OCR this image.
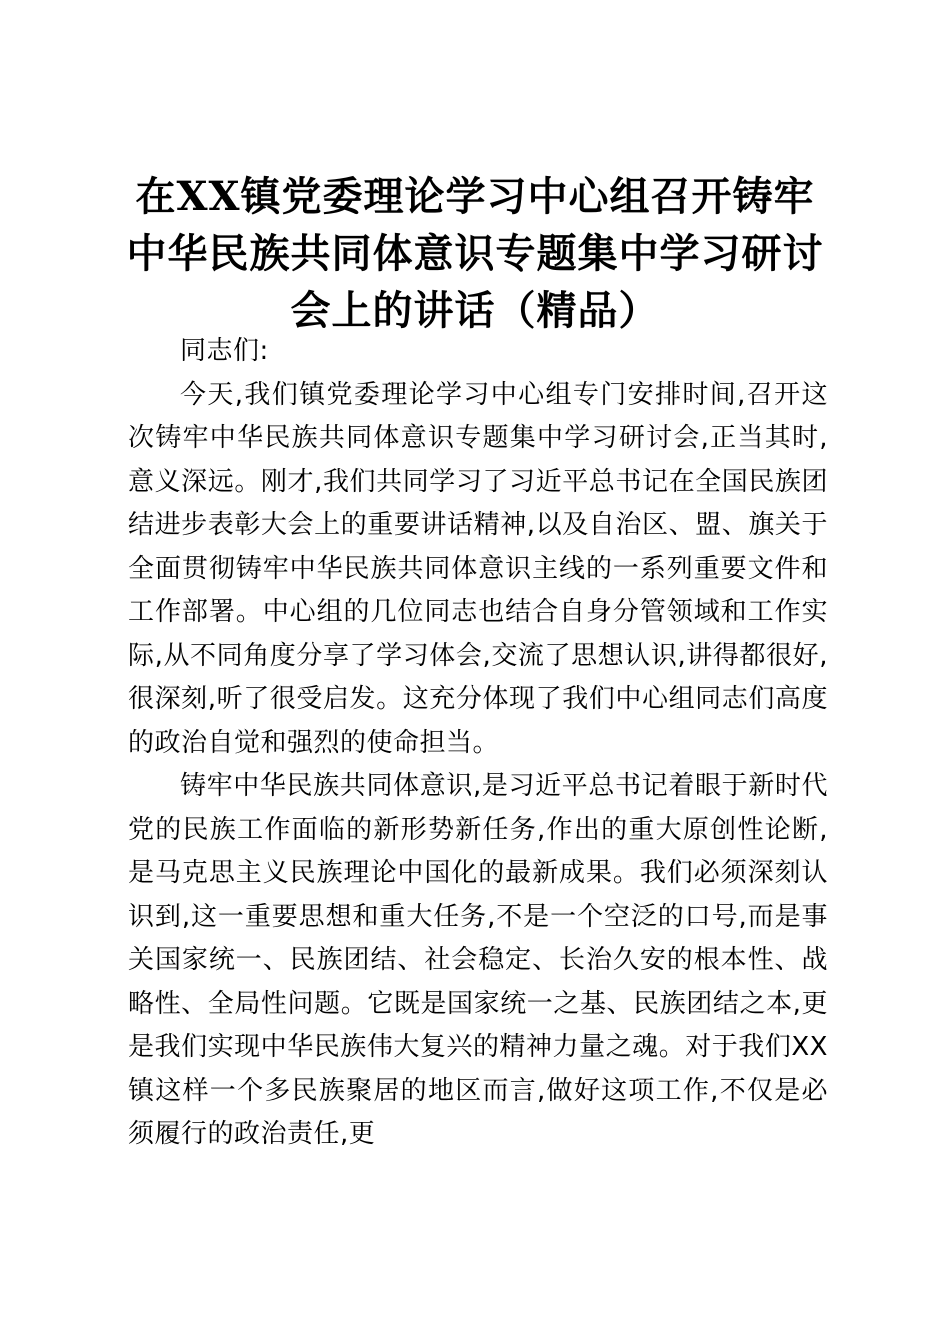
在XX镇党委理论学习中心组召开铸牢中华民族共同体意识专题集中学习研讨会上的讲话（精品）

同志们:

今天,我们镇党委理论学习中心组专门安排时间,召开这次铸牢中华民族共同体意识专题集中学习研讨会,正当其时,意义深远。刚才,我们共同学习了习近平总书记在全国民族团结进步表彰大会上的重要讲话精神,以及自治区、盟、旗关于全面贯彻铸牢中华民族共同体意识主线的一系列重要文件和工作部署。中心组的几位同志也结合自身分管领域和工作实际,从不同角度分享了学习体会,交流了思想认识,讲得都很好,很深刻,听了很受启发。这充分体现了我们中心组同志们高度的政治自觉和强烈的使命担当。

铸牢中华民族共同体意识,是习近平总书记着眼于新时代党的民族工作面临的新形势新任务,作出的重大原创性论断,是马克思主义民族理论中国化的最新成果。我们必须深刻认识到,这一重要思想和重大任务,不是一个空泛的口号,而是事关国家统一、民族团结、社会稳定、长治久安的根本性、战略性、全局性问题。它既是国家统一之基、民族团结之本,更是我们实现中华民族伟大复兴的精神力量之魂。对于我们XX镇这样一个多民族聚居的地区而言,做好这项工作,不仅是必须履行的政治责任,更
